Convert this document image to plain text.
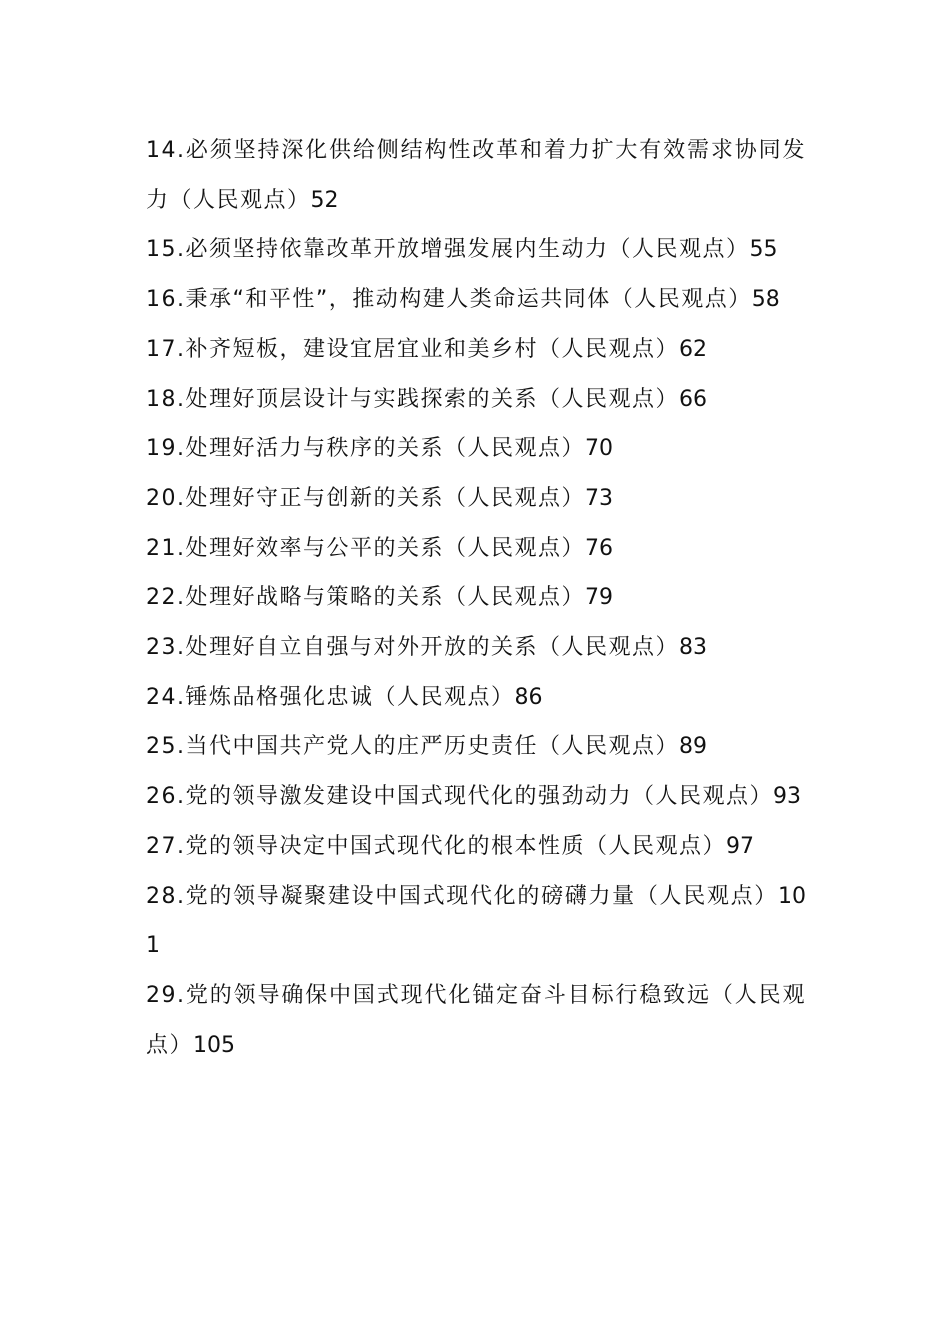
14.必须坚持深化供给侧结构性改革和着力扩大有效需求协同发力（人民观点）52
15.必须坚持依靠改革开放增强发展内生动力（人民观点）55
16.秉承“和平性”，推动构建人类命运共同体（人民观点）58
17.补齐短板，建设宜居宜业和美乡村（人民观点）62
18.处理好顶层设计与实践探索的关系（人民观点）66
19.处理好活力与秩序的关系（人民观点）70
20.处理好守正与创新的关系（人民观点）73
21.处理好效率与公平的关系（人民观点）76
22.处理好战略与策略的关系（人民观点）79
23.处理好自立自强与对外开放的关系（人民观点）83
24.锤炼品格强化忠诚（人民观点）86
25.当代中国共产党人的庄严历史责任（人民观点）89
26.党的领导激发建设中国式现代化的强劲动力（人民观点）93
27.党的领导决定中国式现代化的根本性质（人民观点）97
28.党的领导凝聚建设中国式现代化的磅礴力量（人民观点）101
29.党的领导确保中国式现代化锚定奋斗目标行稳致远（人民观点）105
